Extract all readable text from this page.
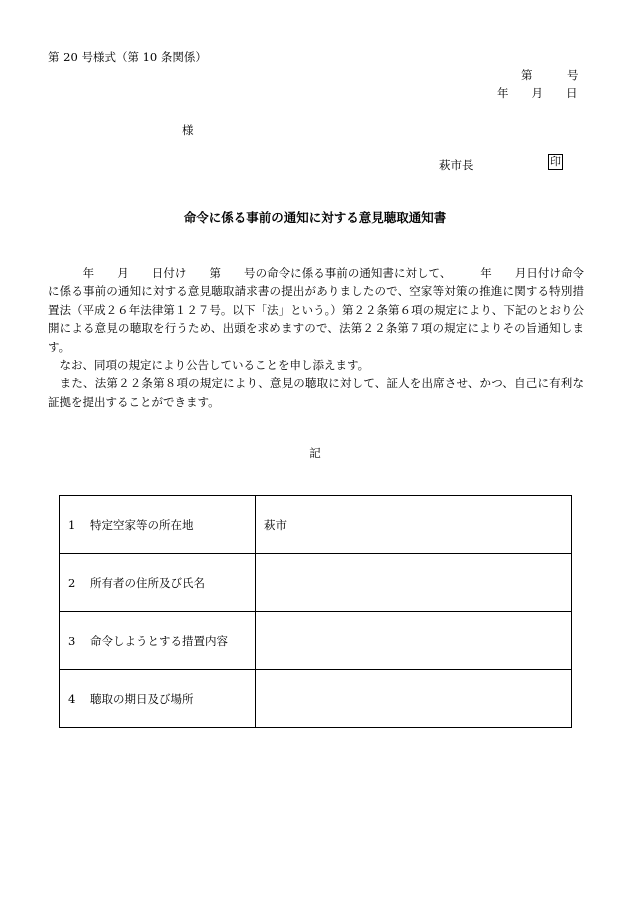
第 20 号様式（第 10 条関係）
第　　　号
年　　月　　日
様
萩市長	印
命令に係る事前の通知に対する意見聴取通知書

　　　年　　月　　日付け　　第　　号の命令に係る事前の通知書に対して、　　　年　　月日付け命令に係る事前の通知に対する意見聴取請求書の提出がありましたので、空家等対策の推進に関する特別措置法（平成２６年法律第１２７号。以下「法」という。）第２２条第６項の規定により、下記のとおり公開による意見の聴取を行うため、出頭を求めますので、法第２２条第７項の規定によりその旨通知します。

　なお、同項の規定により公告していることを申し添えます。

　また、法第２２条第８項の規定により、意見の聴取に対して、証人を出席させ、かつ、自己に有利な証拠を提出することができます。

記
1 特定空家等の所在地	萩市
2 所有者の住所及び氏名	
3 命令しようとする措置内容	
4 聴取の期日及び場所	
